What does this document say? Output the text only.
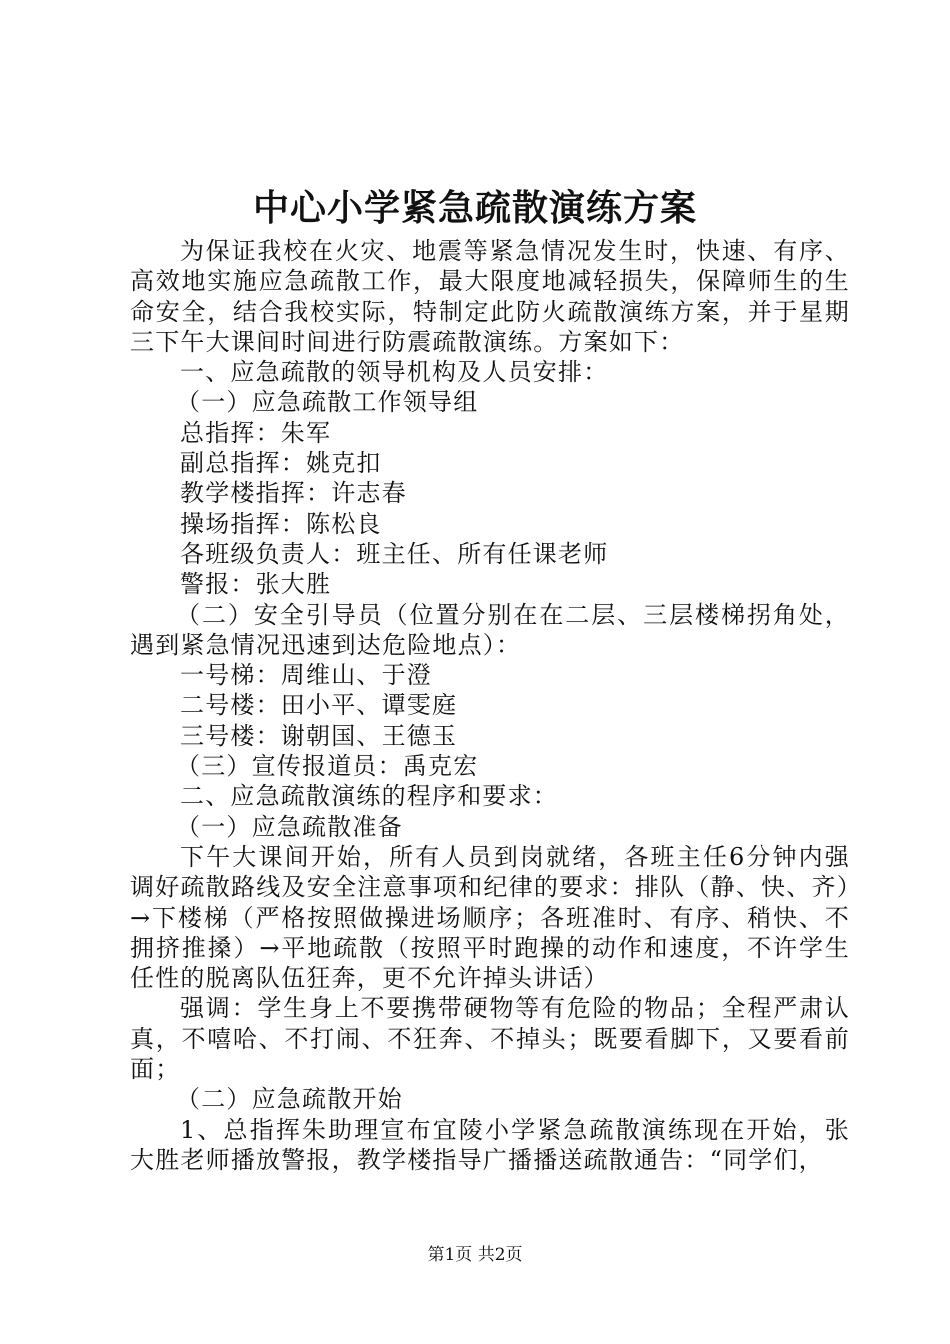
中心小学紧急疏散演练方案

为保证我校在火灾、地震等紧急情况发生时，快速、有序、高效地实施应急疏散工作，最大限度地减轻损失，保障师生的生命安全，结合我校实际，特制定此防火疏散演练方案，并于星期三下午大课间时间进行防震疏散演练。方案如下：

一、应急疏散的领导机构及人员安排：

（一）应急疏散工作领导组

总指挥：朱军

副总指挥：姚克扣

教学楼指挥：许志春

操场指挥：陈松良

各班级负责人：班主任、所有任课老师

警报：张大胜

（二）安全引导员（位置分别在在二层、三层楼梯拐角处，遇到紧急情况迅速到达危险地点）：

一号梯：周维山、于澄

二号楼：田小平、谭雯庭

三号楼：谢朝国、王德玉

（三）宣传报道员：禹克宏

二、应急疏散演练的程序和要求：

（一）应急疏散准备

下午大课间开始，所有人员到岗就绪，各班主任6分钟内强调好疏散路线及安全注意事项和纪律的要求：排队（静、快、齐）→下楼梯（严格按照做操进场顺序；各班准时、有序、稍快、不拥挤推搡）→平地疏散（按照平时跑操的动作和速度，不许学生任性的脱离队伍狂奔，更不允许掉头讲话）

强调：学生身上不要携带硬物等有危险的物品；全程严肃认真，不嘻哈、不打闹、不狂奔、不掉头；既要看脚下，又要看前面；

（二）应急疏散开始

1、总指挥朱助理宣布宜陵小学紧急疏散演练现在开始，张大胜老师播放警报，教学楼指导广播播送疏散通告：“同学们，

第1页 共2页
